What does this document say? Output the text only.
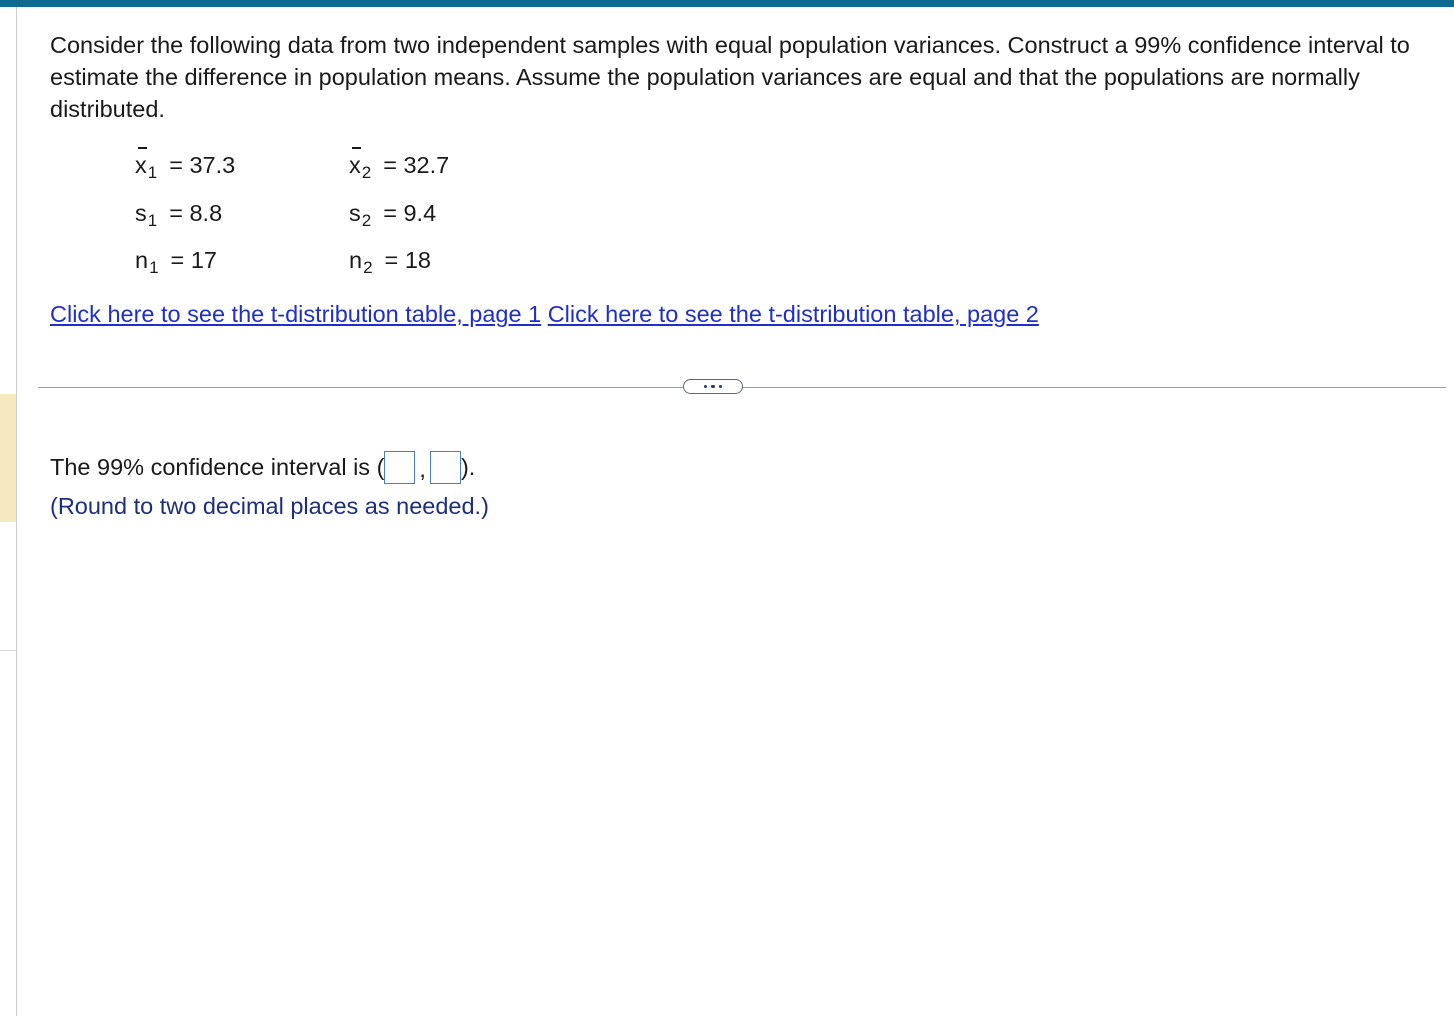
Consider the following data from two independent samples with equal population variances. Construct a 99% confidence interval to estimate the difference in population means. Assume the population variances are equal and that the populations are normally distributed.

$x_1 = 37.3$
$s_1 = 8.8$
$n_1 = 17$
$x_2 = 32.7$
$s_2 = 9.4$
$n_2 = 18$
Click here to see the t-distribution table, page 1 Click here to see the t-distribution table, page 2
The 99% confidence interval is ( , ).
(Round to two decimal places as needed.)
